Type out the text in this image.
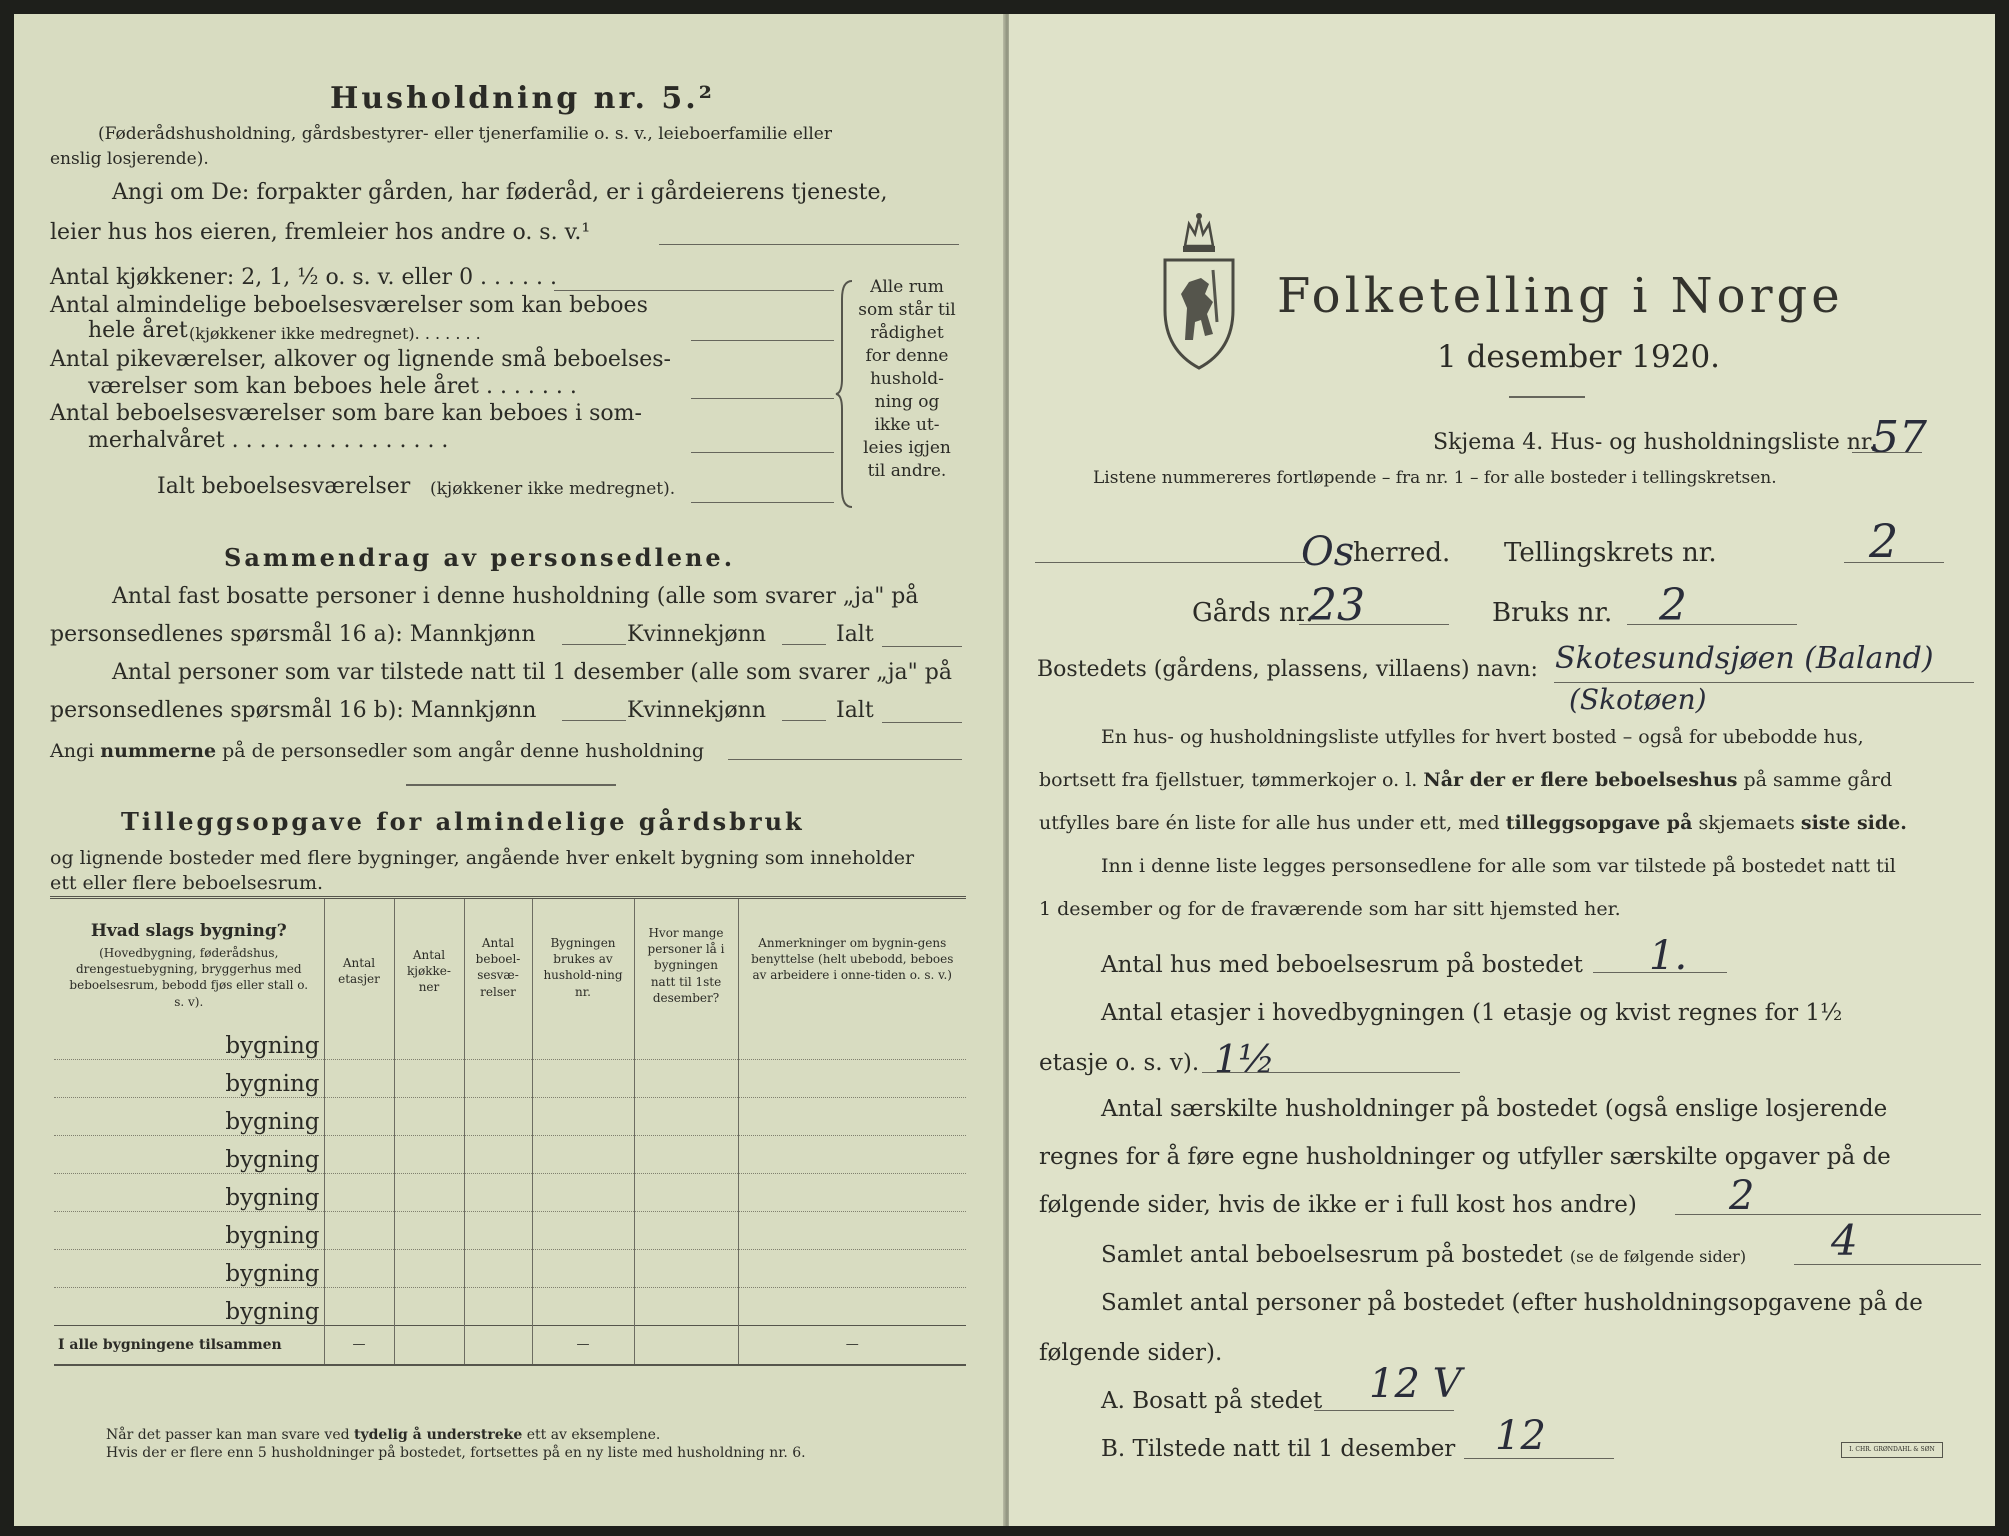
Husholdning nr. 5.²
(Føderådshusholdning, gårdsbestyrer- eller tjenerfamilie o. s. v., leieboerfamilie eller
enslig losjerende).
Angi om De: forpakter gården, har føderåd, er i gårdeierens tjeneste,
leier hus hos eieren, fremleier hos andre o. s. v.¹
Antal kjøkkener: 2, 1, ½ o. s. v. eller 0 . . . . . .
Antal almindelige beboelsesværelser som kan beboes
hele året (kjøkkener ikke medregnet). . . . . . .
Antal pikeværelser, alkover og lignende små beboelses-
værelser som kan beboes hele året . . . . . . .
Antal beboelsesværelser som bare kan beboes i som-
merhalvåret . . . . . . . . . . . . . . . .
Ialt beboelsesværelser (kjøkkener ikke medregnet).
Alle rum
som står til
rådighet
for denne
hushold-
ning og
ikke ut-
leies igjen
til andre.
Sammendrag av personsedlene.
Antal fast bosatte personer i denne husholdning (alle som svarer „ja" på
personsedlenes spørsmål 16 a): Mannkjønn	Kvinnekjønn	Ialt
Antal personer som var tilstede natt til 1 desember (alle som svarer „ja" på
personsedlenes spørsmål 16 b): Mannkjønn	Kvinnekjønn	Ialt
Angi nummerne på de personsedler som angår denne husholdning
Tilleggsopgave for almindelige gårdsbruk
og lignende bosteder med flere bygninger, angående hver enkelt bygning som inneholder
ett eller flere beboelsesrum.
Hvad slags bygning?
(Hovedbygning, føderådshus, drengestuebygning, bryggerhus med beboelsesrum, bebodd fjøs eller stall o. s. v).	Antal etasjer	Antal kjøkke-ner	Antal beboel-sesvæ-relser	Bygningen brukes av hushold-ning nr.	Hvor mange personer lå i bygningen natt til 1ste desember?	Anmerkninger om bygnin-gens benyttelse (helt ubebodd, beboes av arbeidere i onne-tiden o. s. v.)

bygning						
bygning						
bygning						
bygning						
bygning						
bygning						
bygning						
bygning						
I alle bygningene tilsammen	—			—		—
Når det passer kan man svare ved tydelig å understreke ett av eksemplene.
Hvis der er flere enn 5 husholdninger på bostedet, fortsettes på en ny liste med husholdning nr. 6.
Folketelling i Norge
1 desember 1920.
Skjema 4. Hus- og husholdningsliste nr.
57
Listene nummereres fortløpende – fra nr. 1 – for alle bosteder i tellingskretsen.
Os
herred. Tellingskrets nr.	2
Gårds nr.
23	Bruks nr. 2
Bostedets (gårdens, plassens, villaens) navn: Skotesundsjøen (Baland)
(Skotøen)
En hus- og husholdningsliste utfylles for hvert bosted – også for ubebodde hus,
bortsett fra fjellstuer, tømmerkojer o. l. Når der er flere beboelseshus på samme gård
utfylles bare én liste for alle hus under ett, med tilleggsopgave på skjemaets siste side.
Inn i denne liste legges personsedlene for alle som var tilstede på bostedet natt til
1 desember og for de fraværende som har sitt hjemsted her.
Antal hus med beboelsesrum på bostedet 1.
Antal etasjer i hovedbygningen (1 etasje og kvist regnes for 1½
etasje o. s. v). 1½
Antal særskilte husholdninger på bostedet (også enslige losjerende
regnes for å føre egne husholdninger og utfyller særskilte opgaver på de
følgende sider, hvis de ikke er i full kost hos andre) 2
Samlet antal beboelsesrum på bostedet (se de følgende sider) 4
Samlet antal personer på bostedet (efter husholdningsopgavene på de
følgende sider).
A. Bosatt på stedet 12 V
B. Tilstede natt til 1 desember 12	I. CHR. GRØNDAHL & SØN
